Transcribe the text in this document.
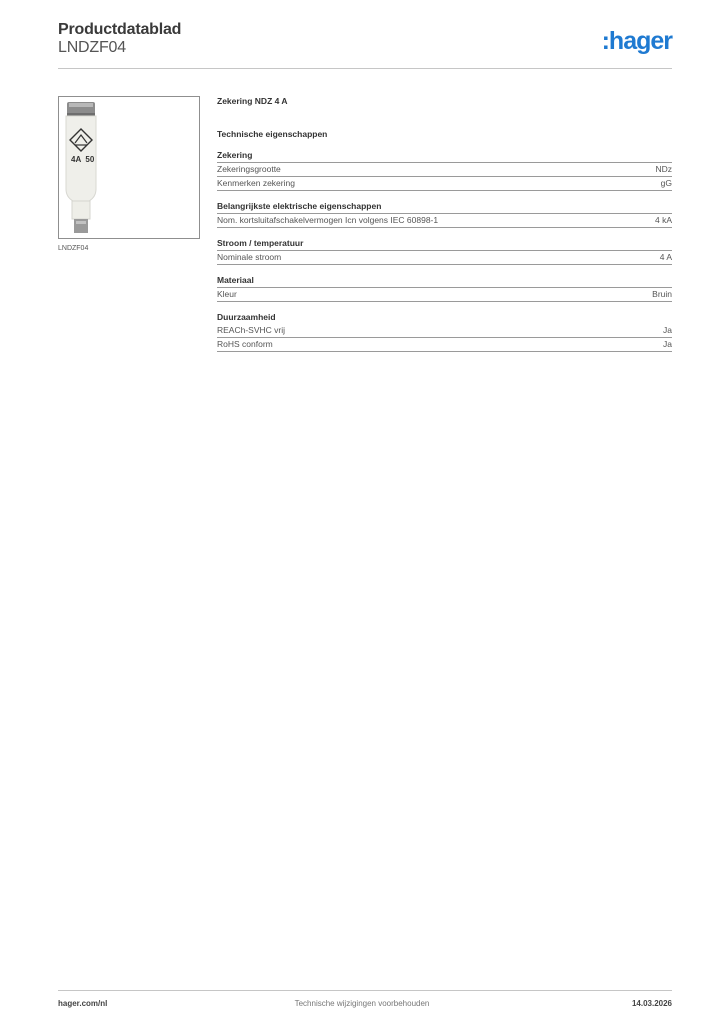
Productdatablad
LNDZF04	:hager
4A  50
LNDZF04
Zekering NDZ 4 A
Technische eigenschappen
Zekering
Zekeringsgrootte	NDz
Kenmerken zekering	gG
Belangrijkste elektrische eigenschappen
Nom. kortsluitafschakelvermogen Icn volgens IEC 60898-1	4 kA
Stroom / temperatuur
Nominale stroom	4 A
Materiaal
Kleur	Bruin
Duurzaamheid
REACh-SVHC vrij	Ja
RoHS conform	Ja
hager.com/nl	Technische wijzigingen voorbehouden	14.03.2026
